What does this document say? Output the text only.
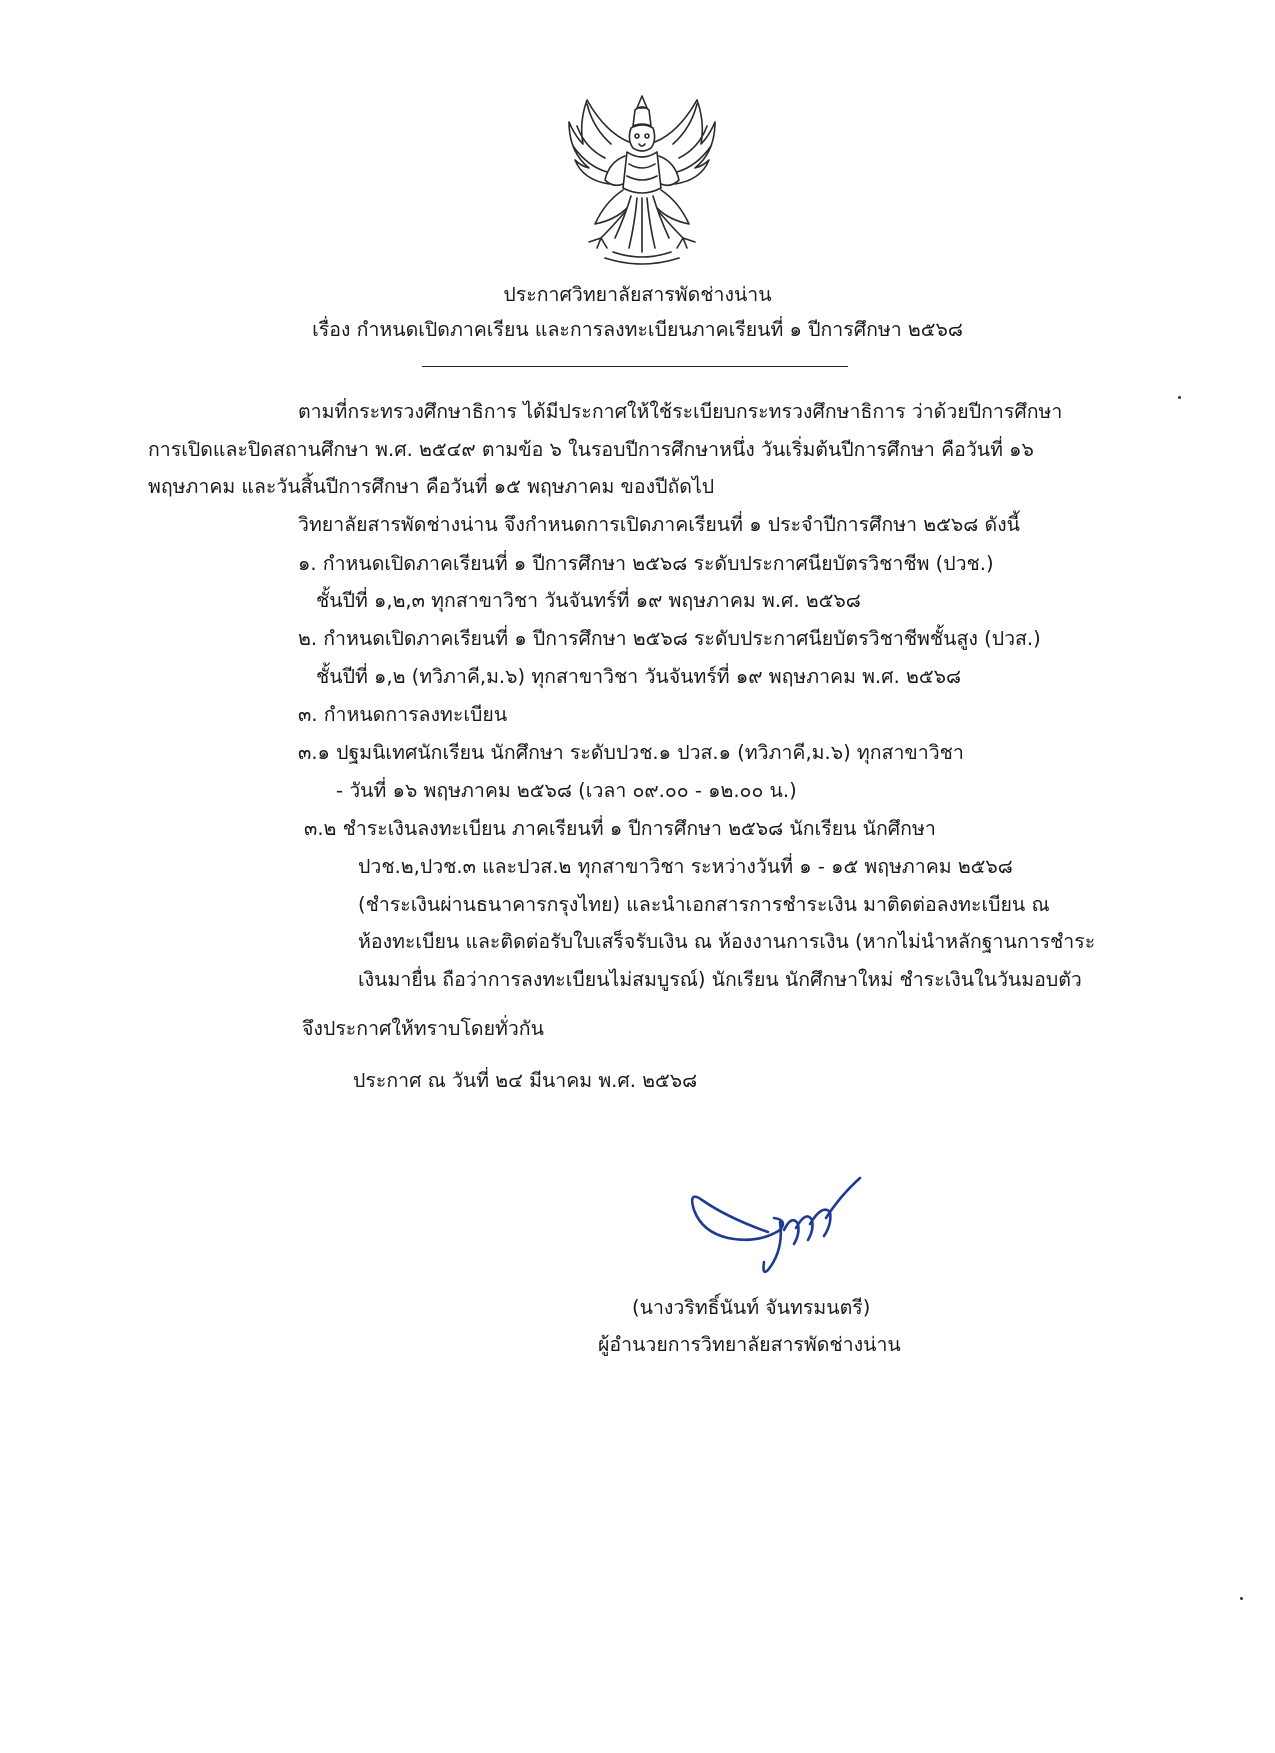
ประกาศวิทยาลัยสารพัดช่างน่าน
เรื่อง กำหนดเปิดภาคเรียน และการลงทะเบียนภาคเรียนที่ ๑ ปีการศึกษา ๒๕๖๘
ตามที่กระทรวงศึกษาธิการ ได้มีประกาศให้ใช้ระเบียบกระทรวงศึกษาธิการ ว่าด้วยปีการศึกษา
การเปิดและปิดสถานศึกษา พ.ศ. ๒๕๔๙ ตามข้อ ๖ ในรอบปีการศึกษาหนึ่ง วันเริ่มต้นปีการศึกษา คือวันที่ ๑๖
พฤษภาคม และวันสิ้นปีการศึกษา คือวันที่ ๑๕ พฤษภาคม ของปีถัดไป
วิทยาลัยสารพัดช่างน่าน จึงกำหนดการเปิดภาคเรียนที่ ๑ ประจำปีการศึกษา ๒๕๖๘ ดังนี้
๑. กำหนดเปิดภาคเรียนที่ ๑ ปีการศึกษา ๒๕๖๘ ระดับประกาศนียบัตรวิชาชีพ (ปวช.)
ชั้นปีที่ ๑,๒,๓ ทุกสาขาวิชา วันจันทร์ที่ ๑๙ พฤษภาคม พ.ศ. ๒๕๖๘
๒. กำหนดเปิดภาคเรียนที่ ๑ ปีการศึกษา ๒๕๖๘ ระดับประกาศนียบัตรวิชาชีพชั้นสูง (ปวส.)
ชั้นปีที่ ๑,๒ (ทวิภาคี,ม.๖) ทุกสาขาวิชา วันจันทร์ที่ ๑๙ พฤษภาคม พ.ศ. ๒๕๖๘
๓. กำหนดการลงทะเบียน
๓.๑ ปฐมนิเทศนักเรียน นักศึกษา ระดับปวช.๑ ปวส.๑ (ทวิภาคี,ม.๖) ทุกสาขาวิชา
- วันที่ ๑๖ พฤษภาคม ๒๕๖๘ (เวลา ๐๙.๐๐ - ๑๒.๐๐ น.)
๓.๒ ชำระเงินลงทะเบียน ภาคเรียนที่ ๑ ปีการศึกษา ๒๕๖๘ นักเรียน นักศึกษา
ปวช.๒,ปวช.๓ และปวส.๒ ทุกสาขาวิชา ระหว่างวันที่ ๑ - ๑๕ พฤษภาคม ๒๕๖๘
(ชำระเงินผ่านธนาคารกรุงไทย) และนำเอกสารการชำระเงิน มาติดต่อลงทะเบียน ณ
ห้องทะเบียน และติดต่อรับใบเสร็จรับเงิน ณ ห้องงานการเงิน (หากไม่นำหลักฐานการชำระ
เงินมายื่น ถือว่าการลงทะเบียนไม่สมบูรณ์) นักเรียน นักศึกษาใหม่ ชำระเงินในวันมอบตัว
จึงประกาศให้ทราบโดยทั่วกัน
ประกาศ ณ วันที่ ๒๔ มีนาคม พ.ศ. ๒๕๖๘
(นางวริทธิ์นันท์ จันทรมนตรี)
ผู้อำนวยการวิทยาลัยสารพัดช่างน่าน
